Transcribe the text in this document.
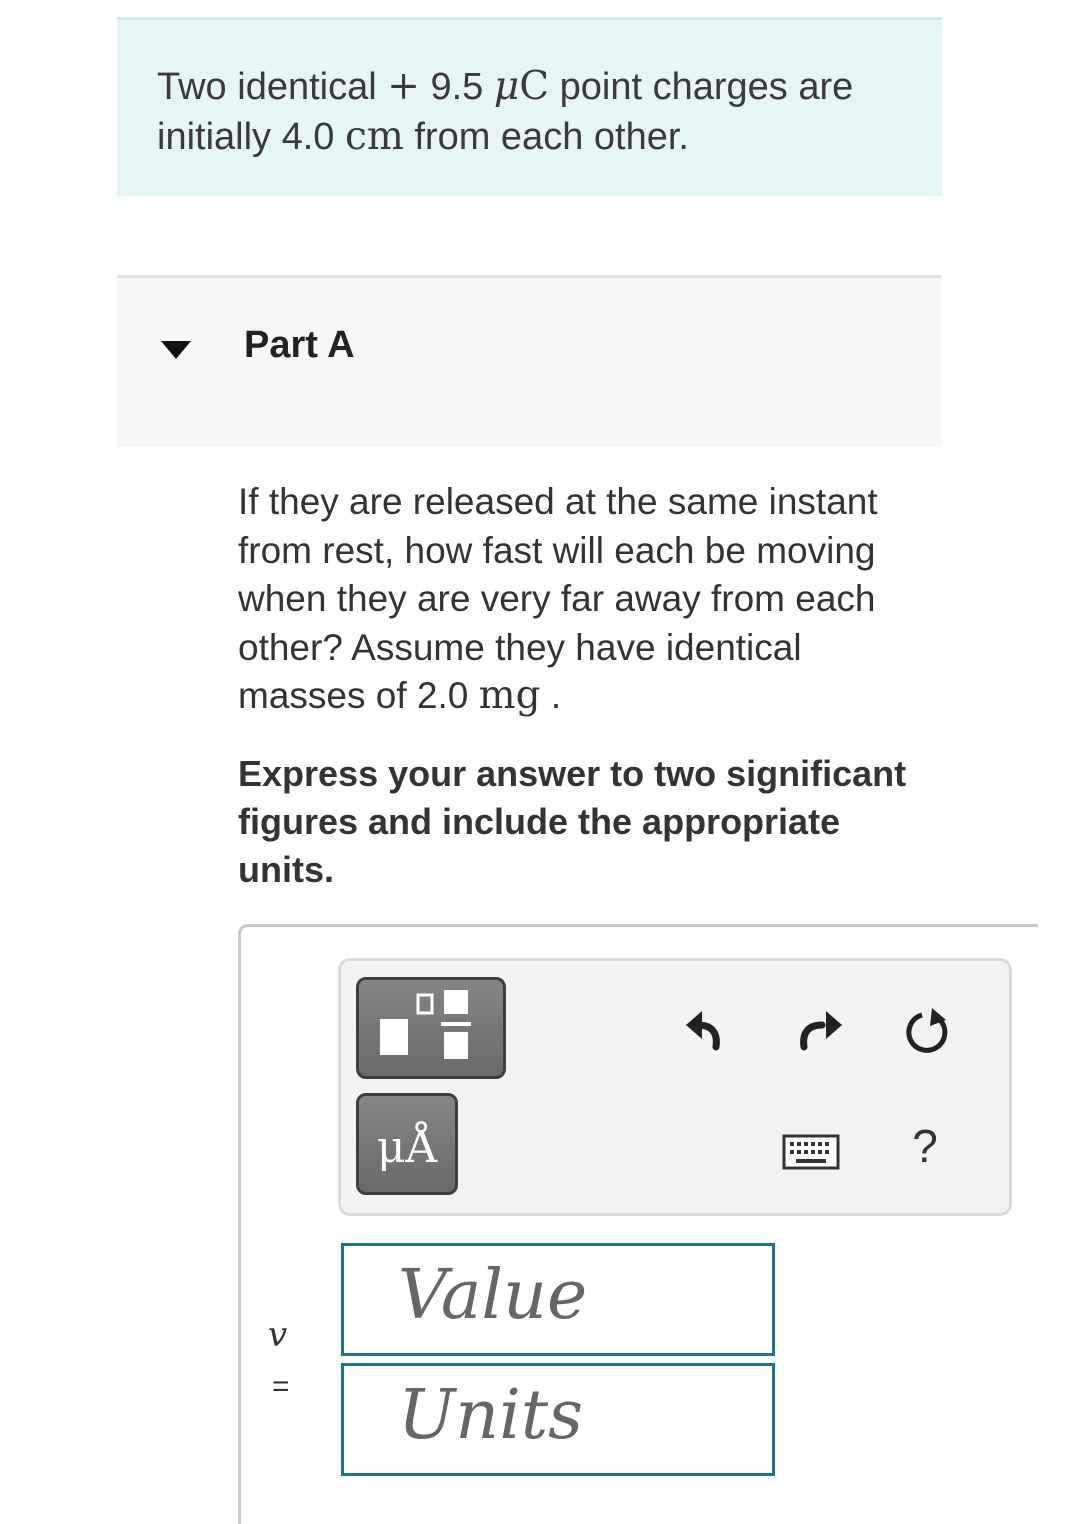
Two identical + 9.5 μC point charges are initially 4.0 cm from each other.
Part A
If they are released at the same instant from rest, how fast will each be moving when they are very far away from each other? Assume they have identical masses of 2.0 mg .
Express your answer to two significant figures and include the appropriate units.
μÅ	?
v
=
Value
Units
